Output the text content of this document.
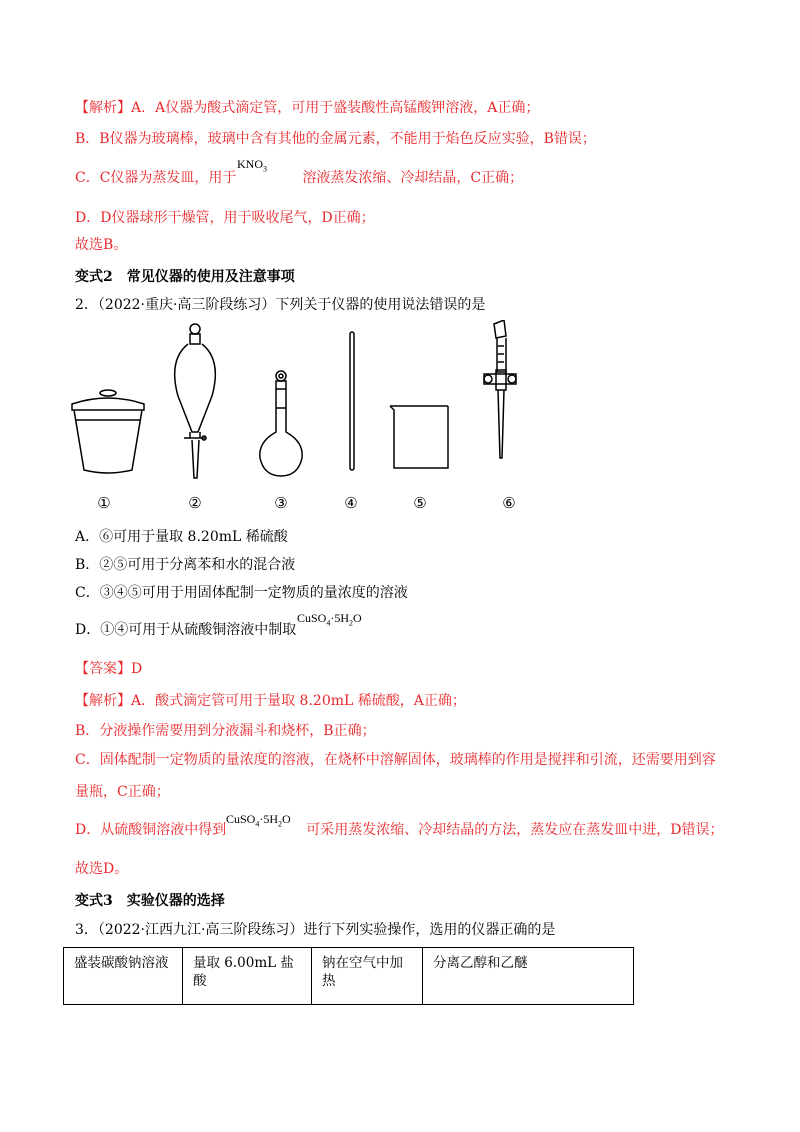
【解析】A．A仪器为酸式滴定管，可用于盛装酸性高锰酸钾溶液，A正确；
B．B仪器为玻璃棒，玻璃中含有其他的金属元素，不能用于焰色反应实验，B错误；
C．C仪器为蒸发皿，用于	溶液蒸发浓缩、冷却结晶，C正确；
$KNO_3$
D．D仪器球形干燥管，用于吸收尾气，D正确；
故选B。
变式2　常见仪器的使用及注意事项
2．（2022·重庆·高三阶段练习）下列关于仪器的使用说法错误的是
①	②	③	④	⑤	⑥
A．⑥可用于量取 8.20mL 稀硫酸
B．②⑤可用于分离苯和水的混合液
C．③④⑤可用于用固体配制一定物质的量浓度的溶液
D．①④可用于从硫酸铜溶液中制取
$CuSO_4\cdot 5H_2O$
【答案】D
【解析】A．酸式滴定管可用于量取 8.20mL 稀硫酸，A正确；
B．分液操作需要用到分液漏斗和烧杯，B正确；
C．固体配制一定物质的量浓度的溶液，在烧杯中溶解固体，玻璃棒的作用是搅拌和引流，还需要用到容
量瓶，C正确；
D．从硫酸铜溶液中得到	可采用蒸发浓缩、冷却结晶的方法，蒸发应在蒸发皿中进，D错误；
$CuSO_4\cdot 5H_2O$
故选D。
变式3　实验仪器的选择
3．（2022·江西九江·高三阶段练习）进行下列实验操作，选用的仪器正确的是
盛装碳酸钠溶液	量取 6.00mL 盐酸	钠在空气中加热	分离乙醇和乙醚
